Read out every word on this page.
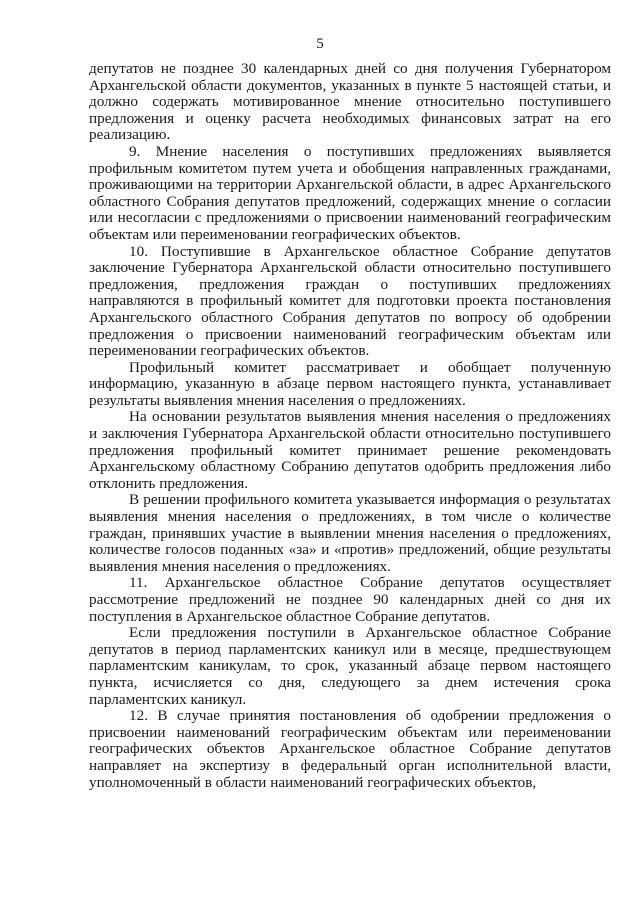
5

депутатов не позднее 30 календарных дней со дня получения Губернатором Архангельской области документов, указанных в пункте 5 настоящей статьи, и должно содержать мотивированное мнение относительно поступившего предложения и оценку расчета необходимых финансовых затрат на его реализацию.

9. Мнение населения о поступивших предложениях выявляется профильным комитетом путем учета и обобщения направленных гражданами, проживающими на территории Архангельской области, в адрес Архангельского областного Собрания депутатов предложений, содержащих мнение о согласии или несогласии с предложениями о присвоении наименований географическим объектам или переименовании географических объектов.

10. Поступившие в Архангельское областное Собрание депутатов заключение Губернатора Архангельской области относительно поступившего предложения, предложения граждан о поступивших предложениях направляются в профильный комитет для подготовки проекта постановления Архангельского областного Собрания депутатов по вопросу об одобрении предложения о присвоении наименований географическим объектам или переименовании географических объектов.

Профильный комитет рассматривает и обобщает полученную информацию, указанную в абзаце первом настоящего пункта, устанавливает результаты выявления мнения населения о предложениях.

На основании результатов выявления мнения населения о предложениях и заключения Губернатора Архангельской области относительно поступившего предложения профильный комитет принимает решение рекомендовать Архангельскому областному Собранию депутатов одобрить предложения либо отклонить предложения.

В решении профильного комитета указывается информация о результатах выявления мнения населения о предложениях, в том числе о количестве граждан, принявших участие в выявлении мнения населения о предложениях, количестве голосов поданных «за» и «против» предложений, общие результаты выявления мнения населения о предложениях.

11. Архангельское областное Собрание депутатов осуществляет рассмотрение предложений не позднее 90 календарных дней со дня их поступления в Архангельское областное Собрание депутатов.

Если предложения поступили в Архангельское областное Собрание депутатов в период парламентских каникул или в месяце, предшествующем парламентским каникулам, то срок, указанный абзаце первом настоящего пункта, исчисляется со дня, следующего за днем истечения срока парламентских каникул.

12. В случае принятия постановления об одобрении предложения о присвоении наименований географическим объектам или переименовании географических объектов Архангельское областное Собрание депутатов направляет на экспертизу в федеральный орган исполнительной власти, уполномоченный в области наименований географических объектов,
